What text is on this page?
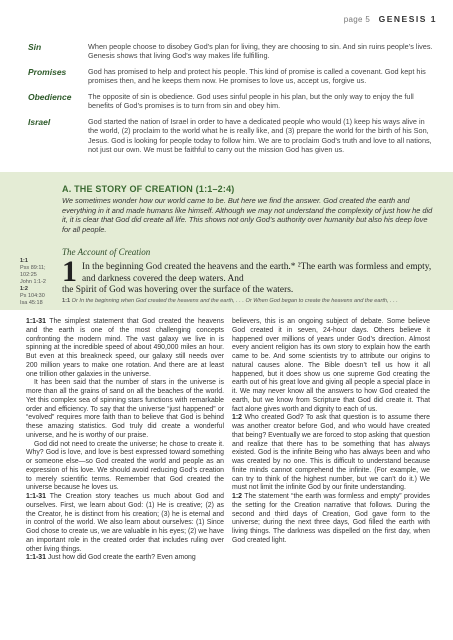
page 5 GENESIS 1
Sin	When people choose to disobey God’s plan for living, they are choosing to sin. And sin ruins people’s lives. Genesis shows that living God’s way makes life fulfilling.
Promises	God has promised to help and protect his people. This kind of promise is called a covenant. God kept his promises then, and he keeps them now. He promises to love us, accept us, forgive us.
Obedience The opposite of sin is obedience. God uses sinful people in his plan, but the only way to enjoy the full benefits of God’s promises is to turn from sin and obey him.
Israel	God started the nation of Israel in order to have a dedicated people who would (1) keep his ways alive in the world, (2) proclaim to the world what he is really like, and (3) prepare the world for the birth of his Son, Jesus. God is looking for people today to follow him. We are to proclaim God’s truth and love to all nations, not just our own. We must be faithful to carry out the mission God has given us.
A. THE STORY OF CREATION (1:1–2:4)
We sometimes wonder how our world came to be. But here we find the answer. God created the earth and everything in it and made humans like himself. Although we may not understand the complexity of just how he did it, it is clear that God did create all life. This shows not only God’s authority over humanity but also his deep love for all people.
The Account of Creation
1:1
Pss 89:11; 102:25
John 1:1-2
1:2
Ps 104:30
Isa 45:18
1 In the beginning God created the heavens and the earth.* ²The earth was formless and empty, and darkness covered the deep waters. And
the Spirit of God was hovering over the surface of the waters.
1:1 Or In the beginning when God created the heavens and the earth, . . . Or When God began to create the heavens and the earth, . . .

1:1-31 The simplest statement that God created the heavens and the earth is one of the most challenging concepts confronting the modern mind. The vast galaxy we live in is spinning at the incredible speed of about 490,000 miles an hour. But even at this breakneck speed, our galaxy still needs over 200 million years to make one rotation. And there are at least one trillion other galaxies in the universe.

It has been said that the number of stars in the universe is more than all the grains of sand on all the beaches of the world. Yet this complex sea of spinning stars functions with remarkable order and efficiency. To say that the universe “just happened” or “evolved” requires more faith than to believe that God is behind these amazing statistics. God truly did create a wonderful universe, and he is worthy of our praise.

God did not need to create the universe; he chose to create it. Why? God is love, and love is best expressed toward something or someone else—so God created the world and people as an expression of his love. We should avoid reducing God’s creation to merely scientific terms. Remember that God created the universe because he loves us.

1:1-31 The Creation story teaches us much about God and ourselves. First, we learn about God: (1) He is creative; (2) as the Creator, he is distinct from his creation; (3) he is eternal and in control of the world. We also learn about ourselves: (1) Since God chose to create us, we are valuable in his eyes; (2) we have an important role in the created order that includes ruling over other living things.

1:1-31 Just how did God create the earth? Even among

believers, this is an ongoing subject of debate. Some believe God created it in seven, 24-hour days. Others believe it happened over millions of years under God’s direction. Almost every ancient religion has its own story to explain how the earth came to be. And some scientists try to attribute our origins to natural causes alone. The Bible doesn’t tell us how it all happened, but it does show us one supreme God creating the earth out of his great love and giving all people a special place in it. We may never know all the answers to how God created the earth, but we know from Scripture that God did create it. That fact alone gives worth and dignity to each of us.

1:2 Who created God? To ask that question is to assume there was another creator before God, and who would have created that being? Eventually we are forced to stop asking that question and realize that there has to be something that has always existed. God is the infinite Being who has always been and who was created by no one. This is difficult to understand because finite minds cannot comprehend the infinite. (For example, we can try to think of the highest number, but we can’t do it.) We must not limit the infinite God by our finite understanding.

1:2 The statement “the earth was formless and empty” provides the setting for the Creation narrative that follows. During the second and third days of Creation, God gave form to the universe; during the next three days, God filled the earth with living things. The darkness was dispelled on the first day, when God created light.
